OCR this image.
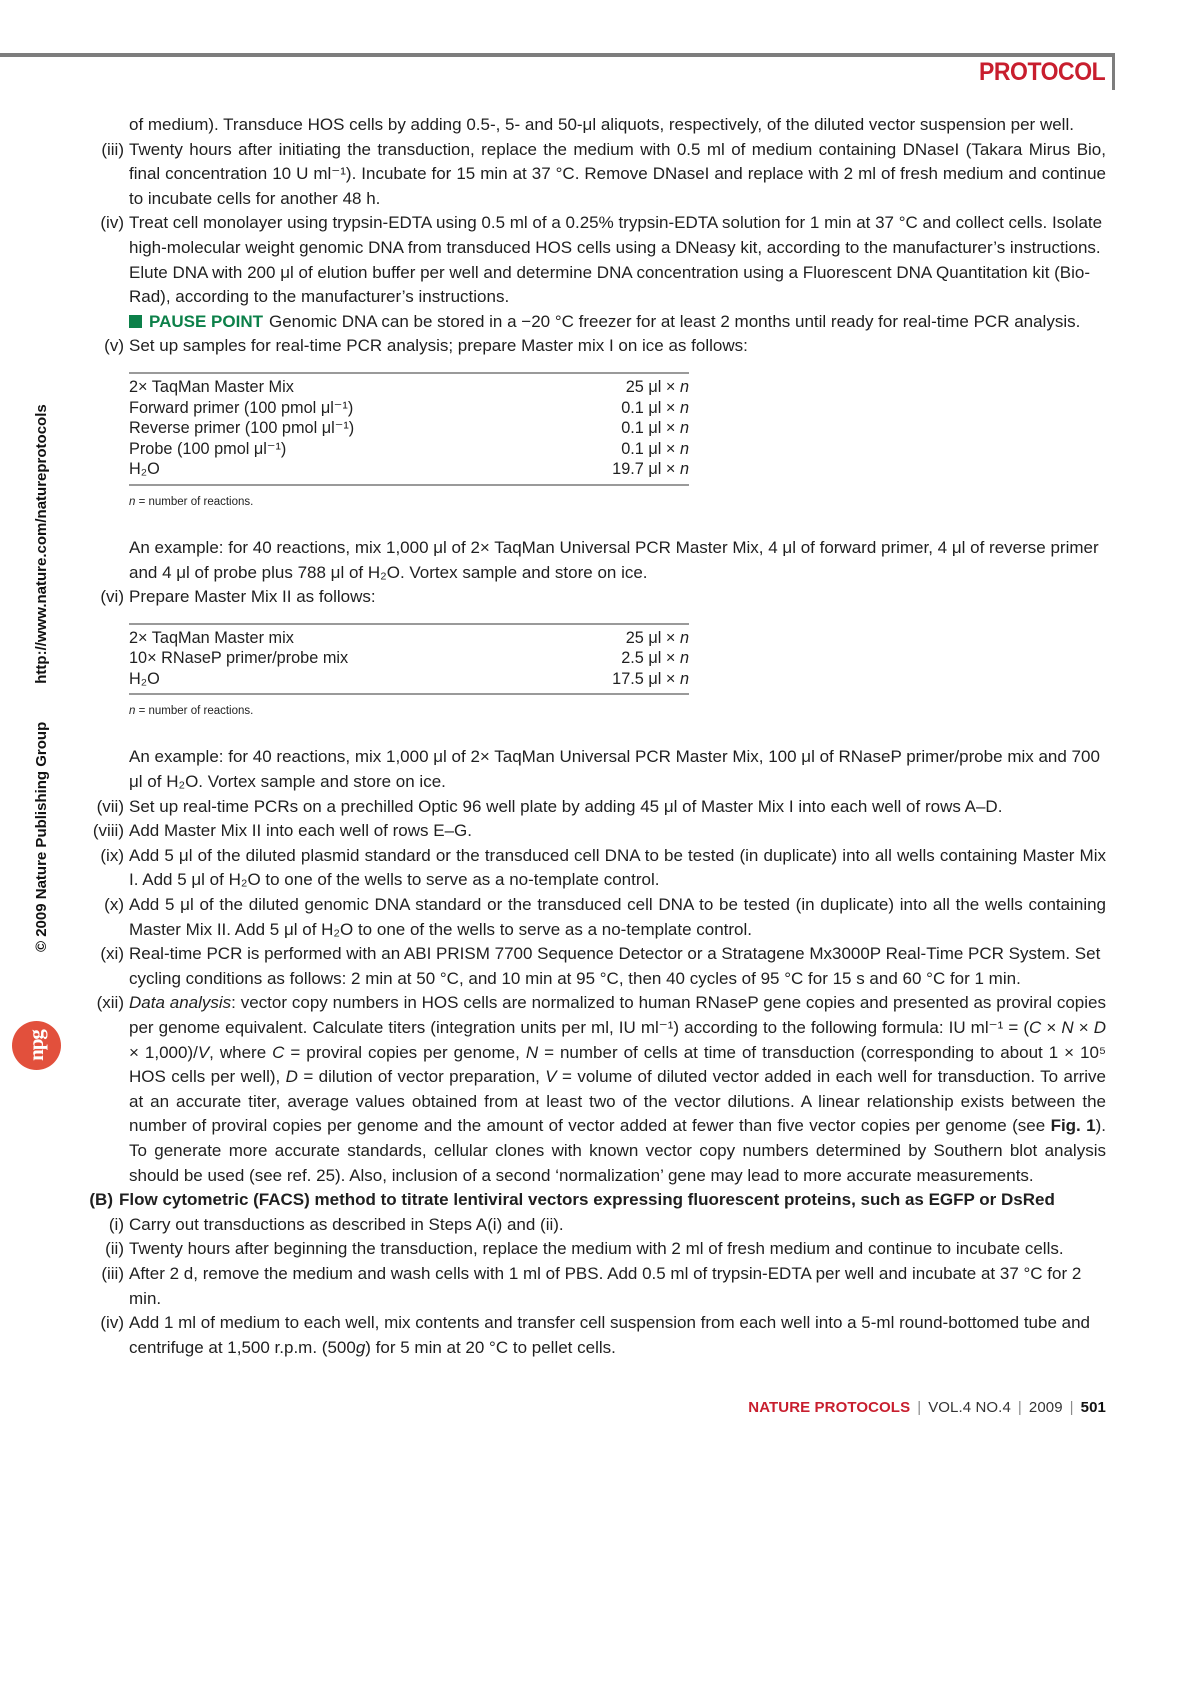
PROTOCOL
© 2009 Nature Publishing Grouphttp://www.nature.com/natureprotocols
npg
of medium). Transduce HOS cells by adding 0.5-, 5- and 50-μl aliquots, respectively, of the diluted vector suspension per well.
(iii) Twenty hours after initiating the transduction, replace the medium with 0.5 ml of medium containing DNaseI (Takara Mirus Bio, final concentration 10 U ml⁻¹). Incubate for 15 min at 37 °C. Remove DNaseI and replace with 2 ml of fresh medium and continue to incubate cells for another 48 h.
(iv) Treat cell monolayer using trypsin-EDTA using 0.5 ml of a 0.25% trypsin-EDTA solution for 1 min at 37 °C and collect cells. Isolate high-molecular weight genomic DNA from transduced HOS cells using a DNeasy kit, according to the manufacturer’s instructions. Elute DNA with 200 μl of elution buffer per well and determine DNA concentration using a Fluorescent DNA Quantitation kit (Bio-Rad), according to the manufacturer’s instructions.
PAUSE POINT Genomic DNA can be stored in a −20 °C freezer for at least 2 months until ready for real-time PCR analysis.
(v) Set up samples for real-time PCR analysis; prepare Master mix I on ice as follows:
2× TaqMan Master Mix	25 μl × n
Forward primer (100 pmol μl⁻¹)	0.1 μl × n
Reverse primer (100 pmol μl⁻¹)	0.1 μl × n
Probe (100 pmol μl⁻¹)	0.1 μl × n
H₂O	19.7 μl × n
n = number of reactions.
An example: for 40 reactions, mix 1,000 μl of 2× TaqMan Universal PCR Master Mix, 4 μl of forward primer, 4 μl of reverse primer and 4 μl of probe plus 788 μl of H₂O. Vortex sample and store on ice.
(vi) Prepare Master Mix II as follows:
2× TaqMan Master mix	25 μl × n
10× RNaseP primer/probe mix	2.5 μl × n
H₂O	17.5 μl × n
n = number of reactions.
An example: for 40 reactions, mix 1,000 μl of 2× TaqMan Universal PCR Master Mix, 100 μl of RNaseP primer/probe mix and 700 μl of H₂O. Vortex sample and store on ice.
(vii) Set up real-time PCRs on a prechilled Optic 96 well plate by adding 45 μl of Master Mix I into each well of rows A–D.
(viii) Add Master Mix II into each well of rows E–G.
(ix) Add 5 μl of the diluted plasmid standard or the transduced cell DNA to be tested (in duplicate) into all wells containing Master Mix I. Add 5 μl of H₂O to one of the wells to serve as a no-template control.
(x) Add 5 μl of the diluted genomic DNA standard or the transduced cell DNA to be tested (in duplicate) into all the wells containing Master Mix II. Add 5 μl of H₂O to one of the wells to serve as a no-template control.
(xi) Real-time PCR is performed with an ABI PRISM 7700 Sequence Detector or a Stratagene Mx3000P Real-Time PCR System. Set cycling conditions as follows: 2 min at 50 °C, and 10 min at 95 °C, then 40 cycles of 95 °C for 15 s and 60 °C for 1 min.
(xii) Data analysis: vector copy numbers in HOS cells are normalized to human RNaseP gene copies and presented as proviral copies per genome equivalent. Calculate titers (integration units per ml, IU ml⁻¹) according to the following formula: IU ml⁻¹ = (C × N × D × 1,000)/V, where C = proviral copies per genome, N = number of cells at time of transduction (corresponding to about 1 × 10⁵ HOS cells per well), D = dilution of vector preparation, V = volume of diluted vector added in each well for transduction. To arrive at an accurate titer, average values obtained from at least two of the vector dilutions. A linear relationship exists between the number of proviral copies per genome and the amount of vector added at fewer than five vector copies per genome (see Fig. 1). To generate more accurate standards, cellular clones with known vector copy numbers determined by Southern blot analysis should be used (see ref. 25). Also, inclusion of a second ‘normalization’ gene may lead to more accurate measurements.
(B) Flow cytometric (FACS) method to titrate lentiviral vectors expressing fluorescent proteins, such as EGFP or DsRed
(i) Carry out transductions as described in Steps A(i) and (ii).
(ii) Twenty hours after beginning the transduction, replace the medium with 2 ml of fresh medium and continue to incubate cells.
(iii) After 2 d, remove the medium and wash cells with 1 ml of PBS. Add 0.5 ml of trypsin-EDTA per well and incubate at 37 °C for 2 min.
(iv) Add 1 ml of medium to each well, mix contents and transfer cell suspension from each well into a 5-ml round-bottomed tube and centrifuge at 1,500 r.p.m. (500g) for 5 min at 20 °C to pellet cells.
NATURE PROTOCOLS | VOL.4 NO.4 | 2009 | 501
